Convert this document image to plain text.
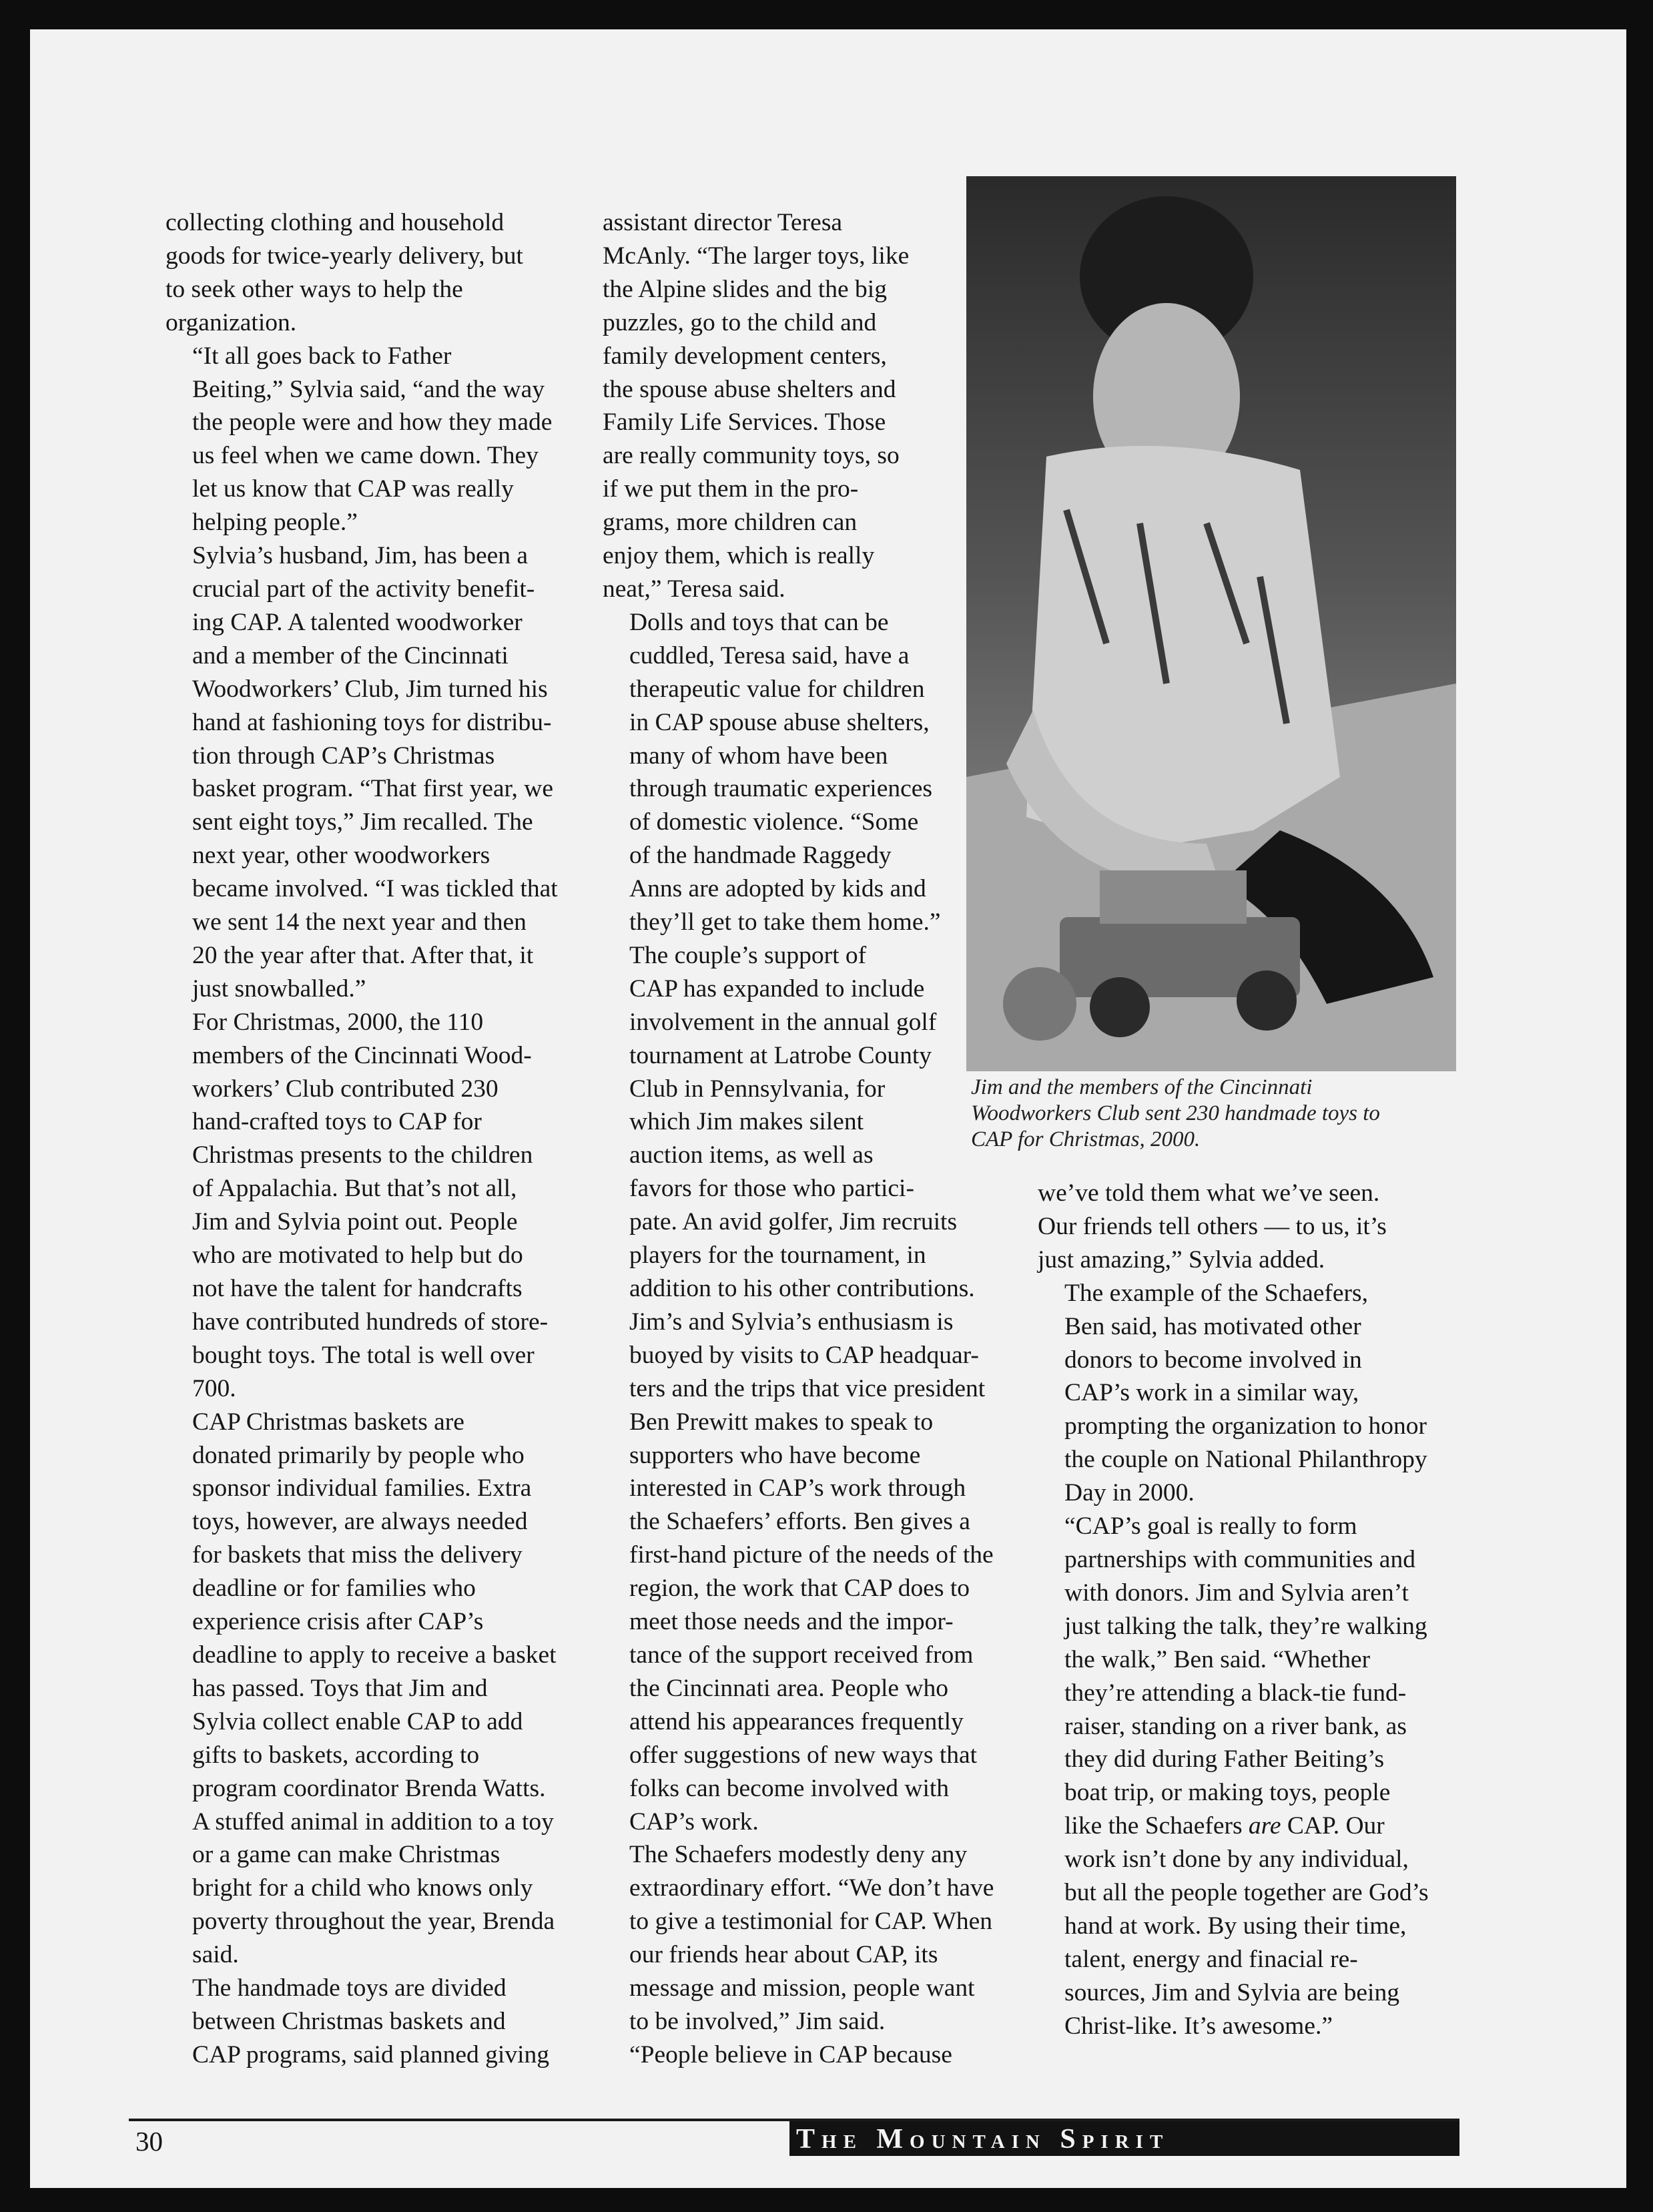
collecting clothing and household
goods for twice-yearly delivery, but
to seek other ways to help the
organization.
“It all goes back to Father
Beiting,” Sylvia said, “and the way
the people were and how they made
us feel when we came down. They
let us know that CAP was really
helping people.”
Sylvia’s husband, Jim, has been a
crucial part of the activity benefit-
ing CAP. A talented woodworker
and a member of the Cincinnati
Woodworkers’ Club, Jim turned his
hand at fashioning toys for distribu-
tion through CAP’s Christmas
basket program. “That first year, we
sent eight toys,” Jim recalled. The
next year, other woodworkers
became involved. “I was tickled that
we sent 14 the next year and then
20 the year after that. After that, it
just snowballed.”
For Christmas, 2000, the 110
members of the Cincinnati Wood-
workers’ Club contributed 230
hand-crafted toys to CAP for
Christmas presents to the children
of Appalachia. But that’s not all,
Jim and Sylvia point out. People
who are motivated to help but do
not have the talent for handcrafts
have contributed hundreds of store-
bought toys. The total is well over
700.
CAP Christmas baskets are
donated primarily by people who
sponsor individual families. Extra
toys, however, are always needed
for baskets that miss the delivery
deadline or for families who
experience crisis after CAP’s
deadline to apply to receive a basket
has passed. Toys that Jim and
Sylvia collect enable CAP to add
gifts to baskets, according to
program coordinator Brenda Watts.
A stuffed animal in addition to a toy
or a game can make Christmas
bright for a child who knows only
poverty throughout the year, Brenda
said.
The handmade toys are divided
between Christmas baskets and
CAP programs, said planned giving
assistant director Teresa
McAnly. “The larger toys, like
the Alpine slides and the big
puzzles, go to the child and
family development centers,
the spouse abuse shelters and
Family Life Services. Those
are really community toys, so
if we put them in the pro-
grams, more children can
enjoy them, which is really
neat,” Teresa said.
Dolls and toys that can be
cuddled, Teresa said, have a
therapeutic value for children
in CAP spouse abuse shelters,
many of whom have been
through traumatic experiences
of domestic violence. “Some
of the handmade Raggedy
Anns are adopted by kids and
they’ll get to take them home.”
The couple’s support of
CAP has expanded to include
involvement in the annual golf
tournament at Latrobe County
Club in Pennsylvania, for
which Jim makes silent
auction items, as well as
favors for those who partici-
pate. An avid golfer, Jim recruits
players for the tournament, in
addition to his other contributions.
Jim’s and Sylvia’s enthusiasm is
buoyed by visits to CAP headquar-
ters and the trips that vice president
Ben Prewitt makes to speak to
supporters who have become
interested in CAP’s work through
the Schaefers’ efforts. Ben gives a
first-hand picture of the needs of the
region, the work that CAP does to
meet those needs and the impor-
tance of the support received from
the Cincinnati area. People who
attend his appearances frequently
offer suggestions of new ways that
folks can become involved with
CAP’s work.
The Schaefers modestly deny any
extraordinary effort. “We don’t have
to give a testimonial for CAP. When
our friends hear about CAP, its
message and mission, people want
to be involved,” Jim said.
“People believe in CAP because
Jim and the members of the Cincinnati
Woodworkers Club sent 230 handmade toys to
CAP for Christmas, 2000.
we’ve told them what we’ve seen.
Our friends tell others — to us, it’s
just amazing,” Sylvia added.
The example of the Schaefers,
Ben said, has motivated other
donors to become involved in
CAP’s work in a similar way,
prompting the organization to honor
the couple on National Philanthropy
Day in 2000.
“CAP’s goal is really to form
partnerships with communities and
with donors. Jim and Sylvia aren’t
just talking the talk, they’re walking
the walk,” Ben said. “Whether
they’re attending a black-tie fund-
raiser, standing on a river bank, as
they did during Father Beiting’s
boat trip, or making toys, people
like the Schaefers are CAP. Our
work isn’t done by any individual,
but all the people together are God’s
hand at work. By using their time,
talent, energy and finacial re-
sources, Jim and Sylvia are being
Christ-like. It’s awesome.”
30	The Mountain Spirit
